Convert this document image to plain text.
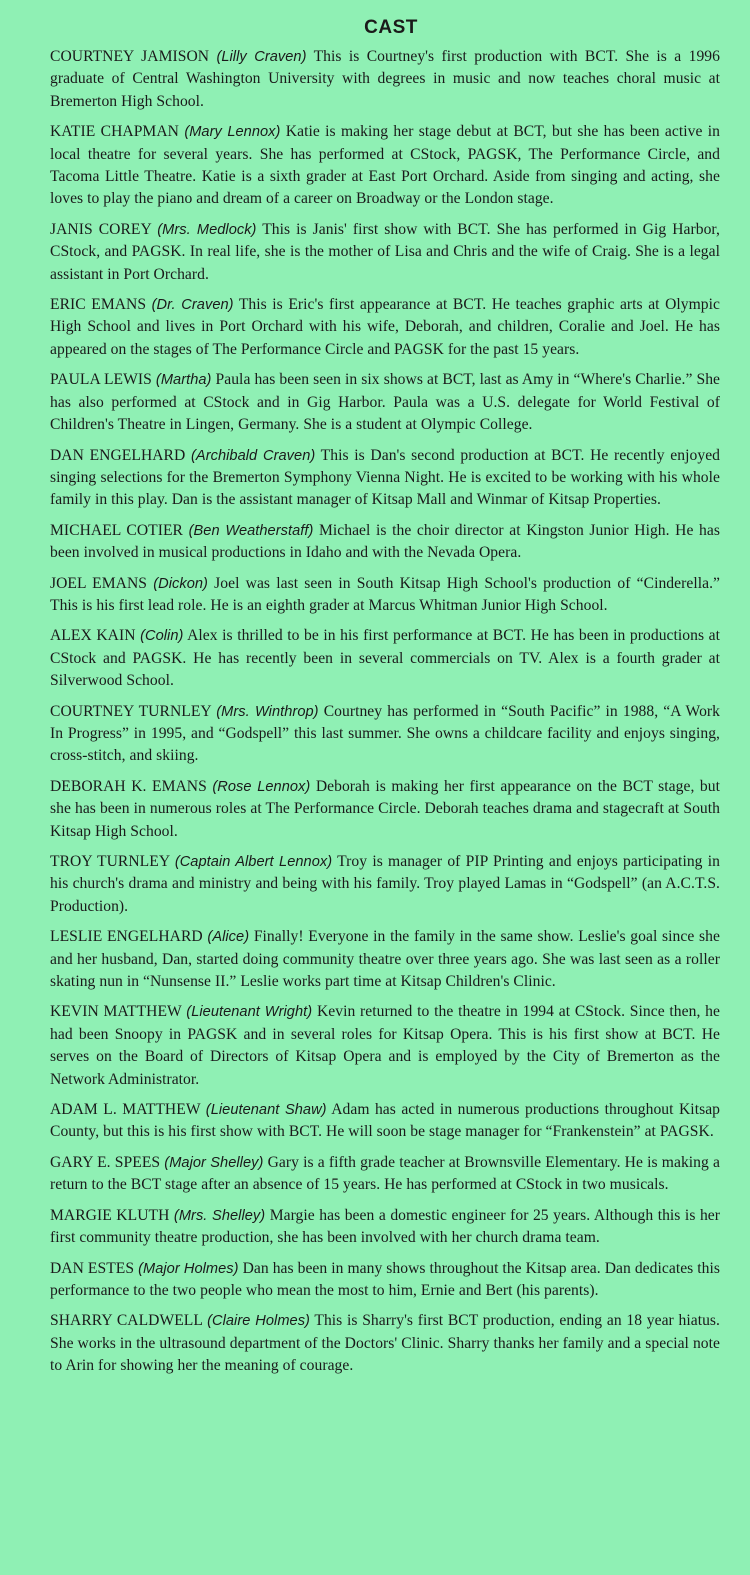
CAST

COURTNEY JAMISON (Lilly Craven) This is Courtney's first production with BCT. She is a 1996 graduate of Central Washington University with degrees in music and now teaches choral music at Bremerton High School.

KATIE CHAPMAN (Mary Lennox) Katie is making her stage debut at BCT, but she has been active in local theatre for several years. She has performed at CStock, PAGSK, The Performance Circle, and Tacoma Little Theatre. Katie is a sixth grader at East Port Orchard. Aside from singing and acting, she loves to play the piano and dream of a career on Broadway or the London stage.

JANIS COREY (Mrs. Medlock) This is Janis' first show with BCT. She has performed in Gig Harbor, CStock, and PAGSK. In real life, she is the mother of Lisa and Chris and the wife of Craig. She is a legal assistant in Port Orchard.

ERIC EMANS (Dr. Craven) This is Eric's first appearance at BCT. He teaches graphic arts at Olympic High School and lives in Port Orchard with his wife, Deborah, and children, Coralie and Joel. He has appeared on the stages of The Performance Circle and PAGSK for the past 15 years.

PAULA LEWIS (Martha) Paula has been seen in six shows at BCT, last as Amy in “Where's Charlie.” She has also performed at CStock and in Gig Harbor. Paula was a U.S. delegate for World Festival of Children's Theatre in Lingen, Germany. She is a student at Olympic College.

DAN ENGELHARD (Archibald Craven) This is Dan's second production at BCT. He recently enjoyed singing selections for the Bremerton Symphony Vienna Night. He is excited to be working with his whole family in this play. Dan is the assistant manager of Kitsap Mall and Winmar of Kitsap Properties.

MICHAEL COTIER (Ben Weatherstaff) Michael is the choir director at Kingston Junior High. He has been involved in musical productions in Idaho and with the Nevada Opera.

JOEL EMANS (Dickon) Joel was last seen in South Kitsap High School's production of “Cinderella.” This is his first lead role. He is an eighth grader at Marcus Whitman Junior High School.

ALEX KAIN (Colin) Alex is thrilled to be in his first performance at BCT. He has been in productions at CStock and PAGSK. He has recently been in several commercials on TV. Alex is a fourth grader at Silverwood School.

COURTNEY TURNLEY (Mrs. Winthrop) Courtney has performed in “South Pacific” in 1988, “A Work In Progress” in 1995, and “Godspell” this last summer. She owns a childcare facility and enjoys singing, cross-stitch, and skiing.

DEBORAH K. EMANS (Rose Lennox) Deborah is making her first appearance on the BCT stage, but she has been in numerous roles at The Performance Circle. Deborah teaches drama and stagecraft at South Kitsap High School.

TROY TURNLEY (Captain Albert Lennox) Troy is manager of PIP Printing and enjoys participating in his church's drama and ministry and being with his family. Troy played Lamas in “Godspell” (an A.C.T.S. Production).

LESLIE ENGELHARD (Alice) Finally! Everyone in the family in the same show. Leslie's goal since she and her husband, Dan, started doing community theatre over three years ago. She was last seen as a roller skating nun in “Nunsense II.” Leslie works part time at Kitsap Children's Clinic.

KEVIN MATTHEW (Lieutenant Wright) Kevin returned to the theatre in 1994 at CStock. Since then, he had been Snoopy in PAGSK and in several roles for Kitsap Opera. This is his first show at BCT. He serves on the Board of Directors of Kitsap Opera and is employed by the City of Bremerton as the Network Administrator.

ADAM L. MATTHEW (Lieutenant Shaw) Adam has acted in numerous productions throughout Kitsap County, but this is his first show with BCT. He will soon be stage manager for “Frankenstein” at PAGSK.

GARY E. SPEES (Major Shelley) Gary is a fifth grade teacher at Brownsville Elementary. He is making a return to the BCT stage after an absence of 15 years. He has performed at CStock in two musicals.

MARGIE KLUTH (Mrs. Shelley) Margie has been a domestic engineer for 25 years. Although this is her first community theatre production, she has been involved with her church drama team.

DAN ESTES (Major Holmes) Dan has been in many shows throughout the Kitsap area. Dan dedicates this performance to the two people who mean the most to him, Ernie and Bert (his parents).

SHARRY CALDWELL (Claire Holmes) This is Sharry's first BCT production, ending an 18 year hiatus. She works in the ultrasound department of the Doctors' Clinic. Sharry thanks her family and a special note to Arin for showing her the meaning of courage.
